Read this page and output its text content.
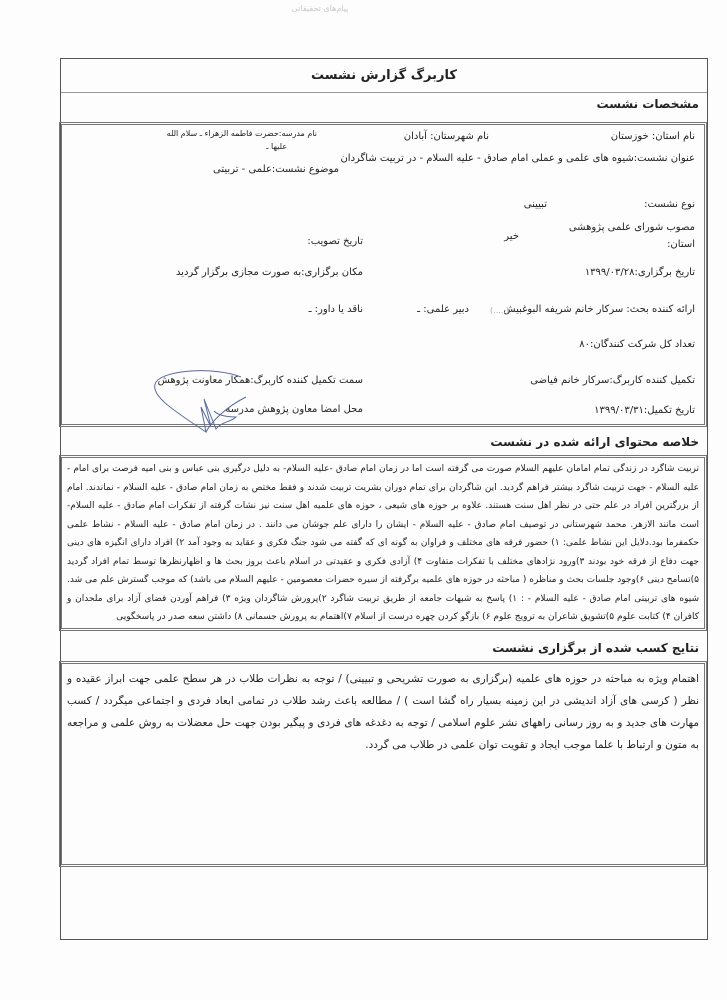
پیام‌های تحقیقاتی
کاربرگ گزارش نشست
مشخصات نشست
نام استان: خوزستان
نام شهرستان: آبادان
نام مدرسه:حضرت فاطمه الزهراء ـ سلام الله
علیها ـ
عنوان نشست:شیوه های علمی و عملی امام صادق - علیه السلام - در تربیت شاگردان
موضوع نشست:علمی - تربیتی
نوع نشست:
تبیینی
مصوب شورای علمی پژوهشی
استان:
خیر
تاریخ تصویب:
تاریخ برگزاری:۱۳۹۹/۰۳/۲۸
مکان برگزاری:به صورت مجازی برگزار گردید
ارائه کننده بحث: سرکار خانم شریفه البوغبیش
(.....)
دبیر علمی: ـ
ناقد یا داور: ـ
تعداد کل شرکت کنندگان:۸۰
تکمیل کننده کاربرگ:سرکار خانم فیاضی
سمت تکمیل کننده کاربرگ:همکار معاونت پژوهش
تاریخ تکمیل:۱۳۹۹/۰۳/۳۱
محل امضا معاون پژوهش مدرسه
خلاصه محتوای ارائه شده در نشست
تربیت شاگرد در زندگی تمام امامان علیهم السلام صورت می گرفته است اما در زمان امام صادق -علیه السلام- به دلیل درگیری بنی عباس و بنی امیه فرصت برای امام - علیه السلام - جهت تربیت شاگرد بیشتر فراهم گردید. این شاگردان برای تمام دوران بشریت تربیت شدند و فقط مختص به زمان امام صادق - علیه السلام - نماندند. امام از بزرگترین افراد در علم حتی در نظر اهل سنت هستند. علاوه بر حوزه های شیعی ، حوزه های علمیه اهل سنت نیز نشات گرفته از تفکرات امام صادق - علیه السلام- است مانند الازهر. محمد شهرستانی در توصیف امام صادق - علیه السلام - ایشان را دارای علم جوشان می دانند . در زمان امام صادق - علیه السلام - نشاط علمی حکمفرما بود.دلایل این نشاط علمی: ۱) حضور فرقه های مختلف و فراوان به گونه ای که گفته می شود جنگ فکری و عقاید به وجود آمد ۲) افراد دارای انگیزه های دینی جهت دفاع از فرقه خود بودند ۳)ورود نژادهای مختلف با تفکرات متفاوت ۴) آزادی فکری و عقیدتی در اسلام باعث بروز بحث ها و اظهارنظرها توسط تمام افراد گردید ۵)تسامح دینی ۶)وجود جلسات بحث و مناظره ( مباحثه در حوزه های علمیه برگرفته از سیره حضرات معصومین - علیهم السلام می باشد) که موجب گسترش علم می شد. شیوه های تربیتی امام صادق - علیه السلام - : ۱) پاسخ به شبهات جامعه از طریق تربیت شاگرد ۲)پرورش شاگردان ویژه ۳) فراهم آوردن فضای آزاد برای ملحدان و کافران ۴) کتابت علوم ۵)تشویق شاعران به ترویج علوم ۶) بازگو کردن چهره درست از اسلام ۷)اهتمام به پرورش جسمانی ۸) داشتن سعه صدر در پاسخگویی
نتایج کسب شده از برگزاری نشست
اهتمام ویژه به مباحثه در حوزه های علمیه (برگزاری به صورت تشریحی و تبیینی) / توجه به نظرات طلاب در هر سطح علمی جهت ابراز عقیده و نظر ( کرسی های آزاد اندیشی در این زمینه بسیار راه گشا است ) / مطالعه باعث رشد طلاب در تمامی ابعاد فردی و اجتماعی میگردد / کسب مهارت های جدید و به روز رسانی راههای نشر علوم اسلامی / توجه به دغدغه های فردی و پیگیر بودن جهت حل معضلات به روش علمی و مراجعه به متون و ارتباط با علما موجب ایجاد و تقویت توان علمی در طلاب می گردد.
